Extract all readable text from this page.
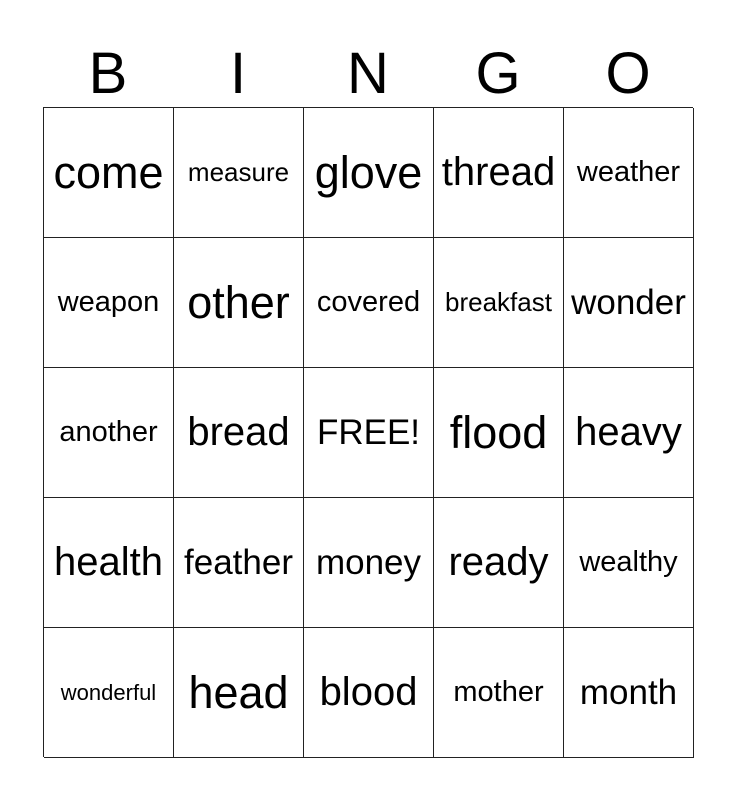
B	I	N	G	O
come measure glove thread weather
weapon other covered breakfast wonder
another bread FREE! flood heavy
health feather money ready	wealthy
wonderful head blood	mother	month
